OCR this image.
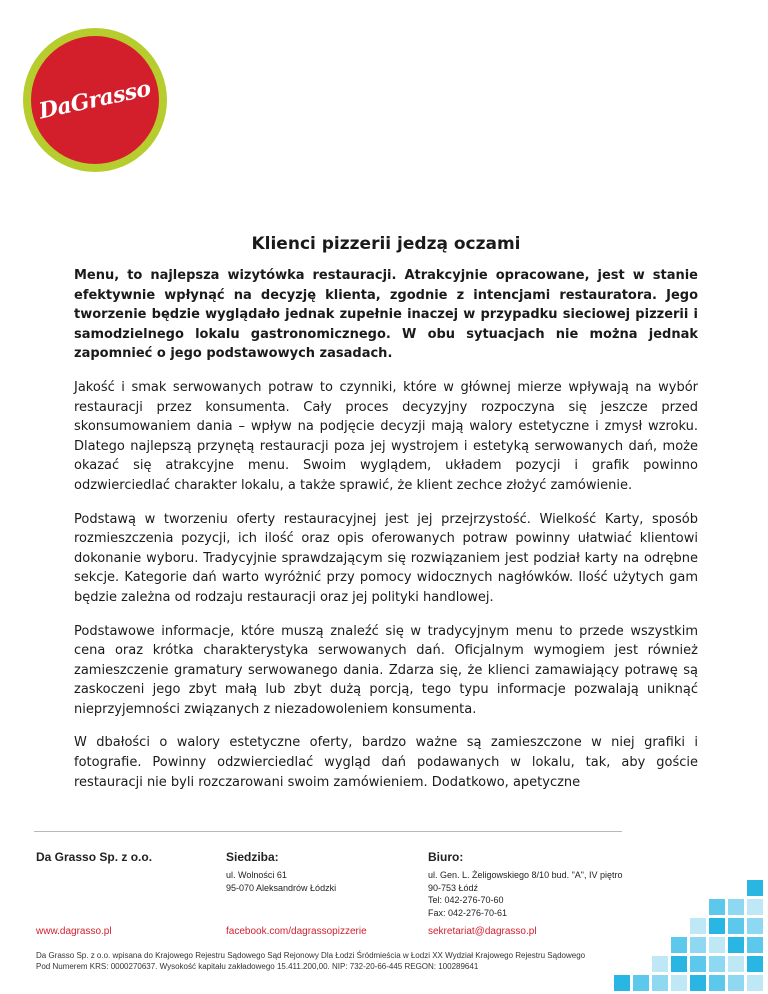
DaGrasso
Klienci pizzerii jedzą oczami

Menu, to najlepsza wizytówka restauracji. Atrakcyjnie opracowane, jest w stanie efektywnie wpłynąć na decyzję klienta, zgodnie z intencjami restauratora. Jego tworzenie będzie wyglądało jednak zupełnie inaczej w przypadku sieciowej pizzerii i samodzielnego lokalu gastronomicznego. W obu sytuacjach nie można jednak zapomnieć o jego podstawowych zasadach.

Jakość i smak serwowanych potraw to czynniki, które w głównej mierze wpływają na wybór restauracji przez konsumenta. Cały proces decyzyjny rozpoczyna się jeszcze przed skonsumowaniem dania – wpływ na podjęcie decyzji mają walory estetyczne i zmysł wzroku. Dlatego najlepszą przynętą restauracji poza jej wystrojem i estetyką serwowanych dań, może okazać się atrakcyjne menu. Swoim wyglądem, układem pozycji i grafik powinno odzwierciedlać charakter lokalu, a także sprawić, że klient zechce złożyć zamówienie.

Podstawą w tworzeniu oferty restauracyjnej jest jej przejrzystość. Wielkość Karty, sposób rozmieszczenia pozycji, ich ilość oraz opis oferowanych potraw powinny ułatwiać klientowi dokonanie wyboru. Tradycyjnie sprawdzającym się rozwiązaniem jest podział karty na odrębne sekcje. Kategorie dań warto wyróżnić przy pomocy widocznych nagłówków. Ilość użytych gam będzie zależna od rodzaju restauracji oraz jej polityki handlowej.

Podstawowe informacje, które muszą znaleźć się w tradycyjnym menu to przede wszystkim cena oraz krótka charakterystyka serwowanych dań. Oficjalnym wymogiem jest również zamieszczenie gramatury serwowanego dania. Zdarza się, że klienci zamawiający potrawę są zaskoczeni jego zbyt małą lub zbyt dużą porcją, tego typu informacje pozwalają uniknąć nieprzyjemności związanych z niezadowoleniem konsumenta.

W dbałości o walory estetyczne oferty, bardzo ważne są zamieszczone w niej grafiki i fotografie. Powinny odzwierciedlać wygląd dań podawanych w lokalu, tak, aby goście restauracji nie byli rozczarowani swoim zamówieniem. Dodatkowo, apetyczne

Da Grasso Sp. z o.o.	Siedziba:
ul. Wolności 61
95-070 Aleksandrów Łódzki
Biuro:
ul. Gen. L. Żeligowskiego 8/10 bud. "A", IV piętro
90-753 Łódź
Tel: 042-276-70-60
Fax: 042-276-70-61
www.dagrasso.pl	facebook.com/dagrassopizzerie	sekretariat@dagrasso.pl
Da Grasso Sp. z o.o. wpisana do Krajowego Rejestru Sądowego Sąd Rejonowy Dla Łodzi Śródmieścia w Łodzi XX Wydział Krajowego Rejestru Sądowego
Pod Numerem KRS: 0000270637. Wysokość kapitału zakładowego 15.411.200,00. NIP: 732-20-66-445 REGON: 100289641
